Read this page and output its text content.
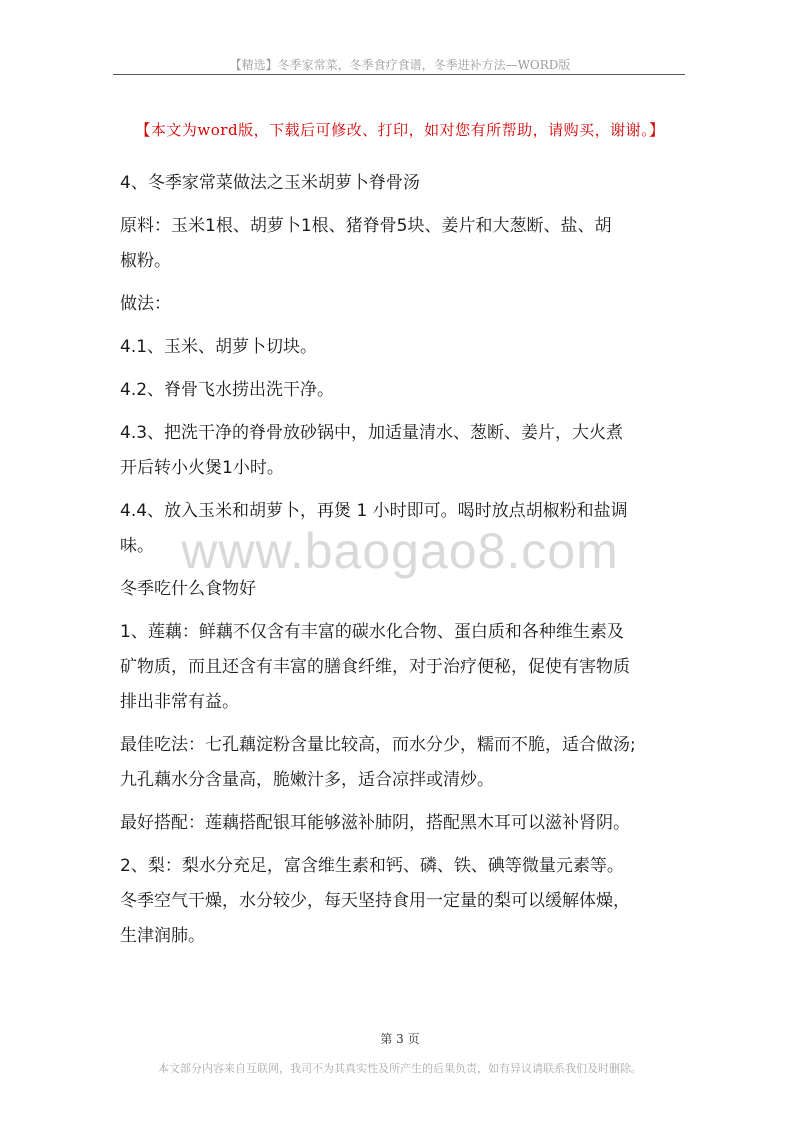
【精选】冬季家常菜，冬季食疗食谱，冬季进补方法—WORD版
【本文为word版，下载后可修改、打印，如对您有所帮助，请购买，谢谢。】
www.baogao8.com
4、冬季家常菜做法之玉米胡萝卜脊骨汤
原料：玉米1根、胡萝卜1根、猪脊骨5块、姜片和大葱断、盐、胡
椒粉。
做法：
4.1、玉米、胡萝卜切块。
4.2、脊骨飞水捞出洗干净。
4.3、把洗干净的脊骨放砂锅中，加适量清水、葱断、姜片，大火煮
开后转小火煲1小时。
4.4、放入玉米和胡萝卜，再煲 1 小时即可。喝时放点胡椒粉和盐调
味。
冬季吃什么食物好
1、莲藕：鲜藕不仅含有丰富的碳水化合物、蛋白质和各种维生素及
矿物质，而且还含有丰富的膳食纤维，对于治疗便秘，促使有害物质
排出非常有益。
最佳吃法：七孔藕淀粉含量比较高，而水分少，糯而不脆，适合做汤;
九孔藕水分含量高，脆嫩汁多，适合凉拌或清炒。
最好搭配：莲藕搭配银耳能够滋补肺阴，搭配黑木耳可以滋补肾阴。
2、梨：梨水分充足，富含维生素和钙、磷、铁、碘等微量元素等。
冬季空气干燥，水分较少，每天坚持食用一定量的梨可以缓解体燥，
生津润肺。
第 3 页
本文部分内容来自互联网，我司不为其真实性及所产生的后果负责，如有异议请联系我们及时删除。
